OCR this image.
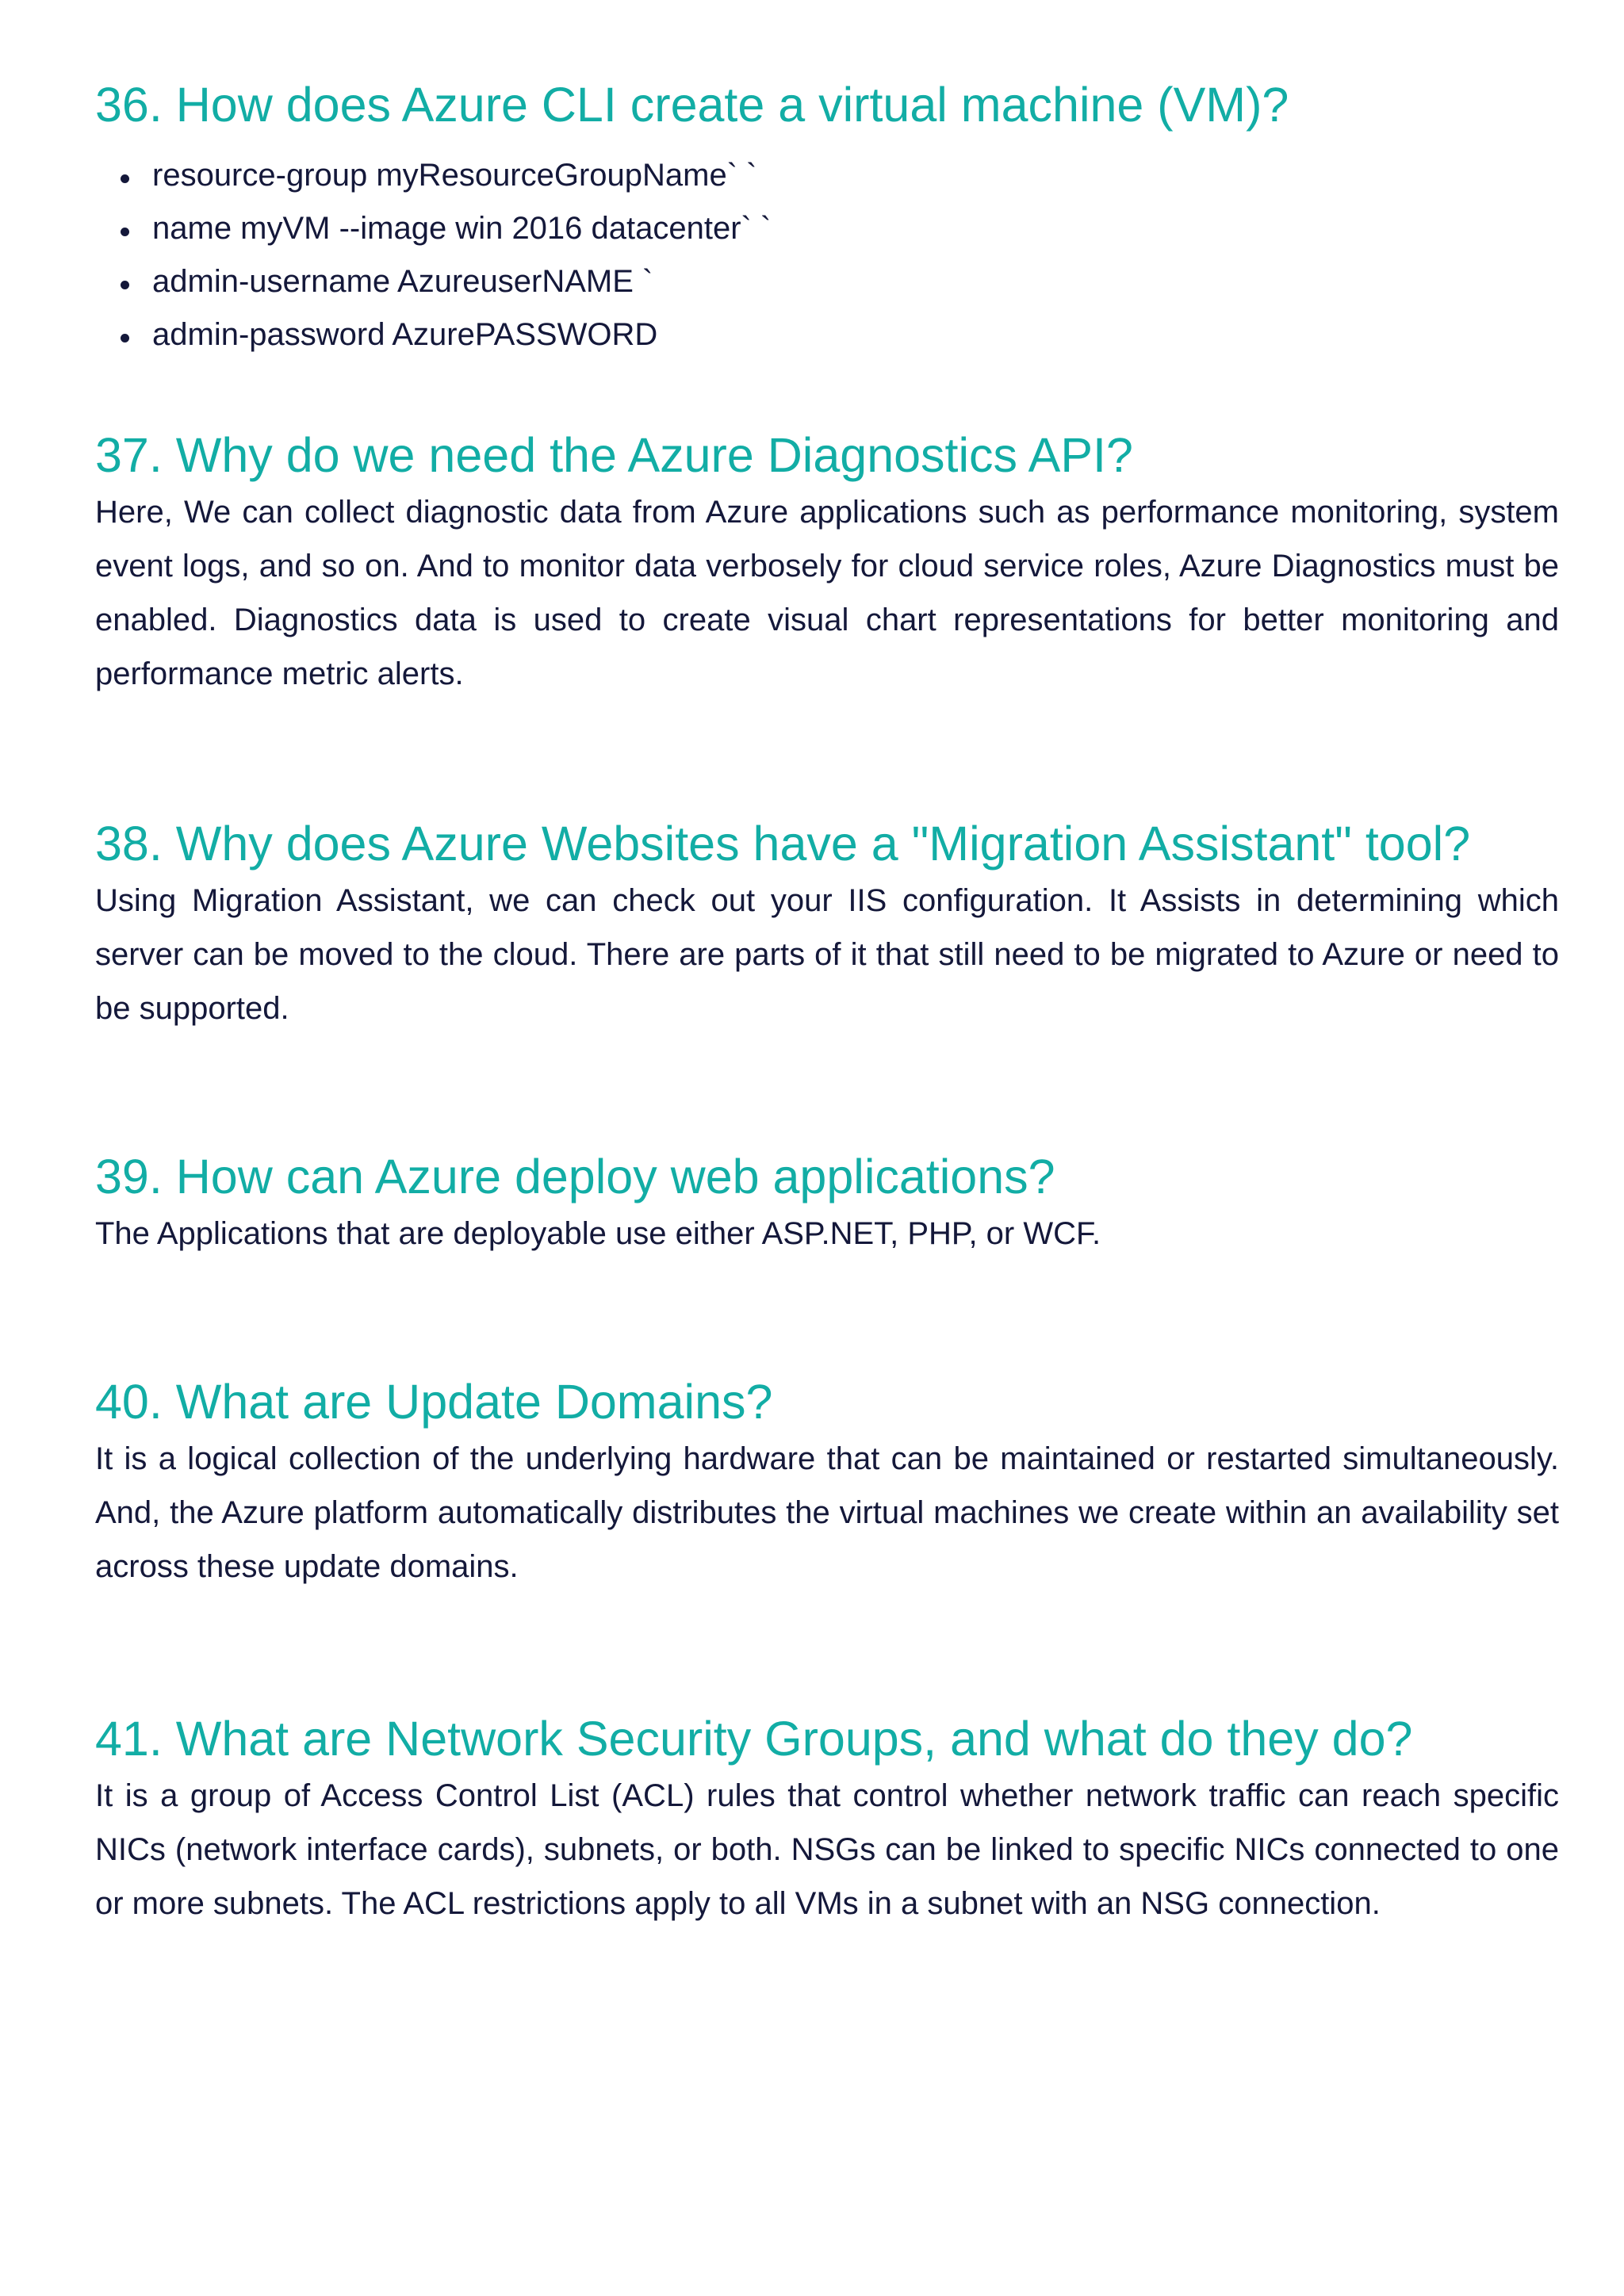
36. How does Azure CLI create a virtual machine (VM)?
resource-group myResourceGroupName` `
name myVM --image win 2016 datacenter` `
admin-username AzureuserNAME `
admin-password AzurePASSWORD
37. Why do we need the Azure Diagnostics API?

Here, We can collect diagnostic data from Azure applications such as performance monitoring, system event logs, and so on. And to monitor data verbosely for cloud service roles, Azure Diagnostics must be enabled. Diagnostics data is used to create visual chart representations for better monitoring and performance metric alerts.

38. Why does Azure Websites have a "Migration Assistant" tool?

Using Migration Assistant, we can check out your IIS configuration. It Assists in determining which server can be moved to the cloud. There are parts of it that still need to be migrated to Azure or need to be supported.

39. How can Azure deploy web applications?

The Applications that are deployable use either ASP.NET, PHP, or WCF.

40. What are Update Domains?

It is a logical collection of the underlying hardware that can be maintained or restarted simultaneously. And, the Azure platform automatically distributes the virtual machines we create within an availability set across these update domains.

41. What are Network Security Groups, and what do they do?

It is a group of Access Control List (ACL) rules that control whether network traffic can reach specific NICs (network interface cards), subnets, or both. NSGs can be linked to specific NICs connected to one or more subnets. The ACL restrictions apply to all VMs in a subnet with an NSG connection.
